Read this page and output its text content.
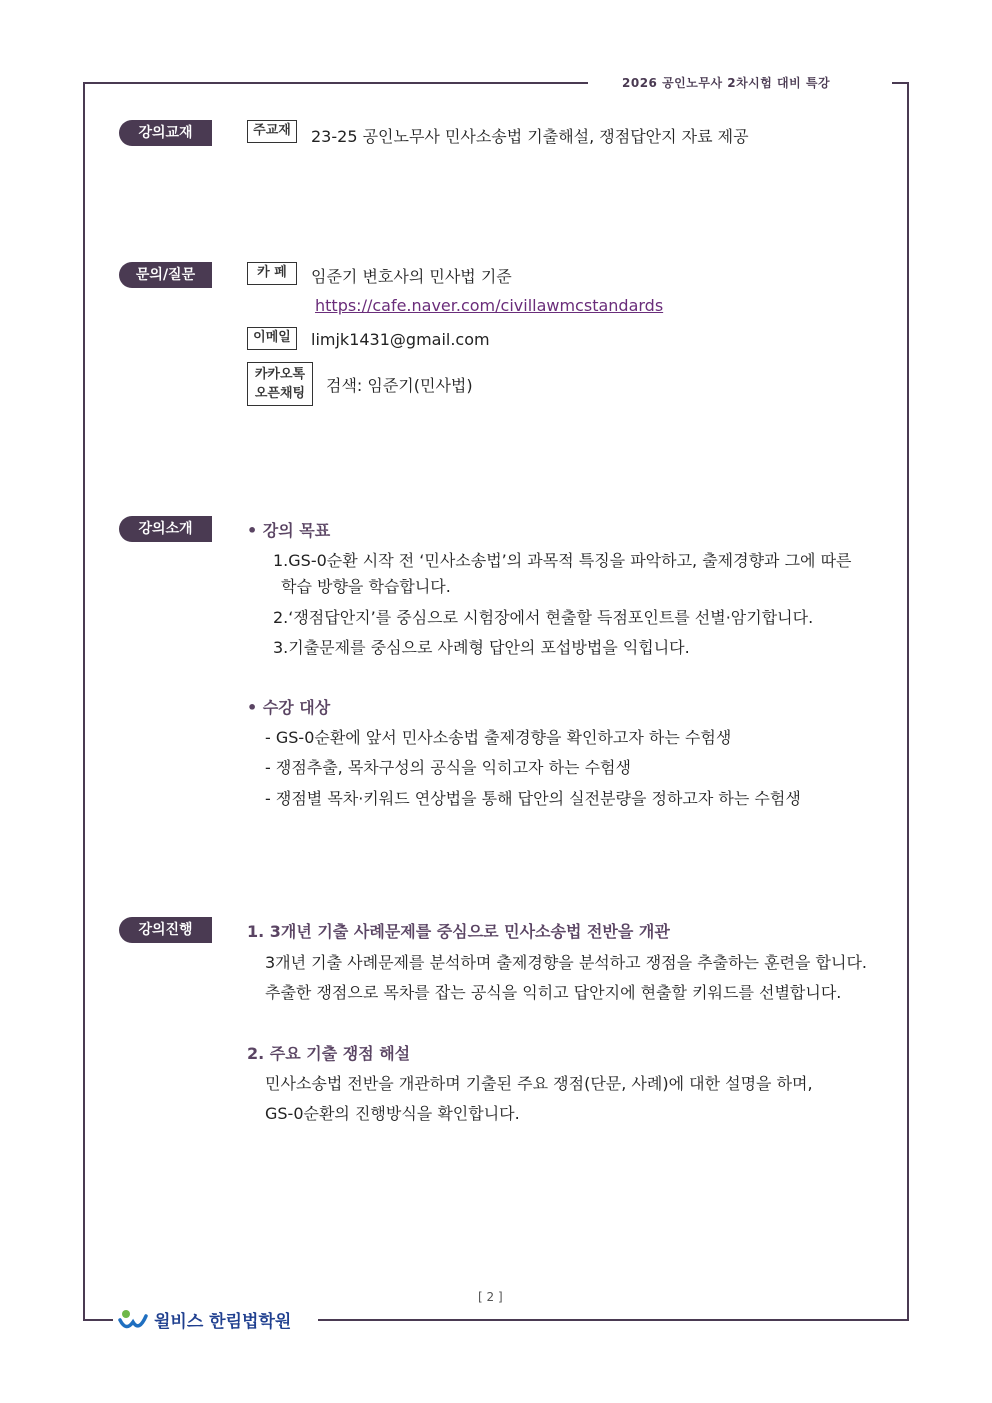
2026 공인노무사 2차시험 대비 특강
강의교재	주교재	23-25 공인노무사 민사소송법 기출해설, 쟁점답안지 자료 제공
문의/질문	카 페	임준기 변호사의 민사법 기준
https://cafe.naver.com/civillawmcstandards
이메일	limjk1431@gmail.com
카카오톡
오픈채팅	검색: 임준기(민사법)
강의소개	• 강의 목표
1.GS-0순환 시작 전 ‘민사소송법’의 과목적 특징을 파악하고, 출제경향과 그에 따른
학습 방향을 학습합니다.
2.‘쟁점답안지’를 중심으로 시험장에서 현출할 득점포인트를 선별·암기합니다.
3.기출문제를 중심으로 사례형 답안의 포섭방법을 익힙니다.
• 수강 대상
- GS-0순환에 앞서 민사소송법 출제경향을 확인하고자 하는 수험생
- 쟁점추출, 목차구성의 공식을 익히고자 하는 수험생
- 쟁점별 목차·키워드 연상법을 통해 답안의 실전분량을 정하고자 하는 수험생
강의진행	1. 3개년 기출 사례문제를 중심으로 민사소송법 전반을 개관
3개년 기출 사례문제를 분석하며 출제경향을 분석하고 쟁점을 추출하는 훈련을 합니다.
추출한 쟁점으로 목차를 잡는 공식을 익히고 답안지에 현출할 키워드를 선별합니다.
2. 주요 기출 쟁점 해설
민사소송법 전반을 개관하며 기출된 주요 쟁점(단문, 사례)에 대한 설명을 하며,
GS-0순환의 진행방식을 확인합니다.
[ 2 ]
윌비스 한림법학원
